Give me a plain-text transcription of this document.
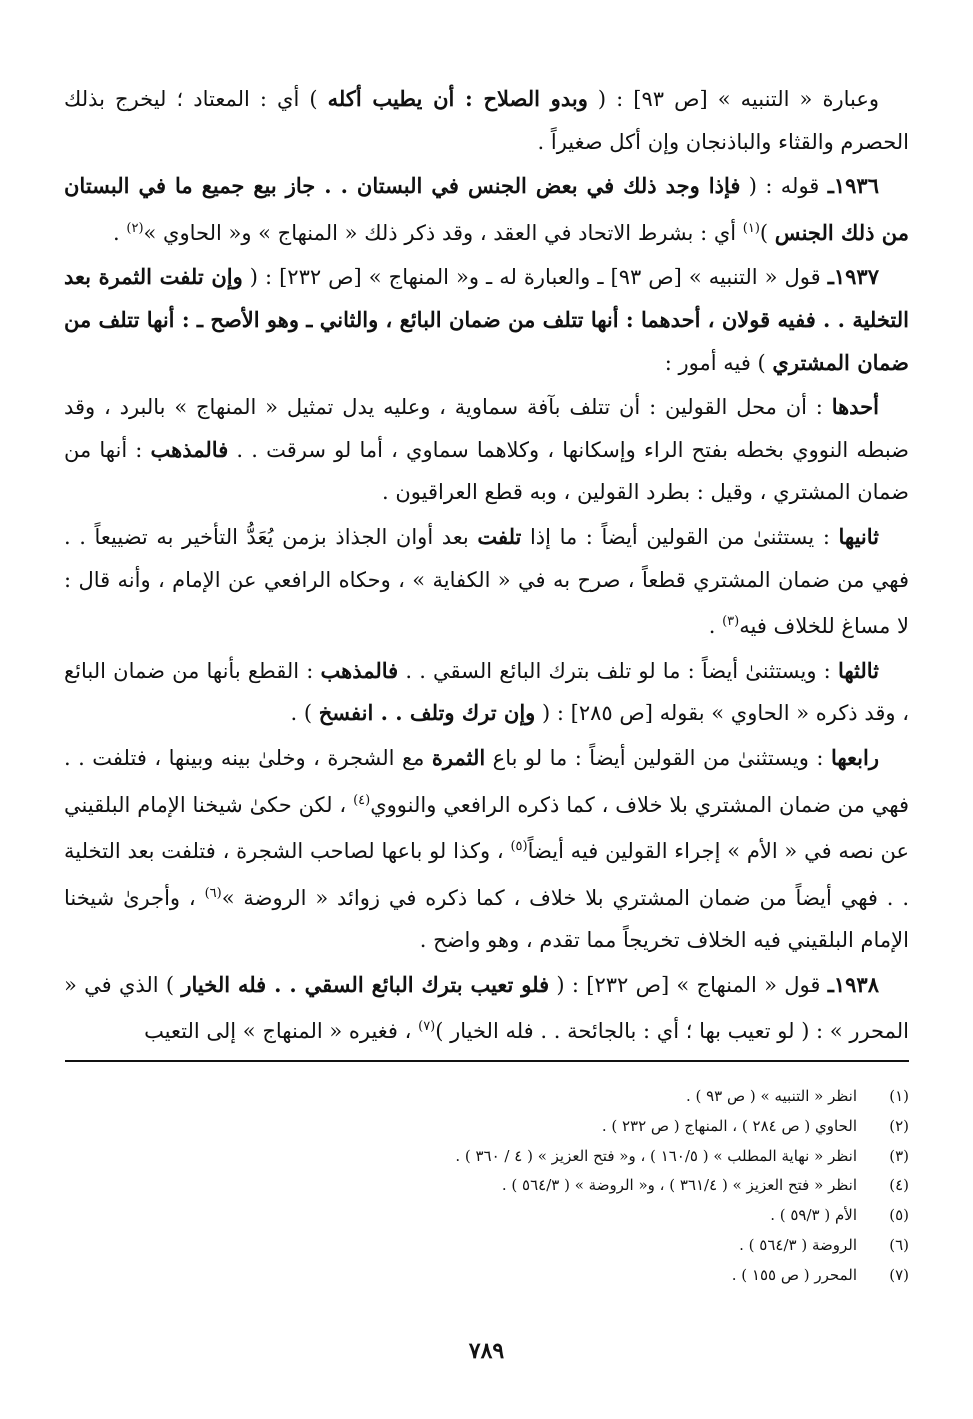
وعبارة « التنبيه » [ص ٩٣] : ( وبدو الصلاح : أن يطيب أكله ) أي : المعتاد ؛ ليخرج بذلك الحصرم والقثاء والباذنجان وإن أكل صغيراً .

١٩٣٦ـ قوله : ( فإذا وجد ذلك في بعض الجنس في البستان . . جاز بيع جميع ما في البستان من ذلك الجنس )$^{(١)}$ أي : بشرط الاتحاد في العقد ، وقد ذكر ذلك « المنهاج » و« الحاوي »$^{(٢)}$ .

١٩٣٧ـ قول « التنبيه » [ص ٩٣] ـ والعبارة له ـ و« المنهاج » [ص ٢٣٢] : ( وإن تلفت الثمرة بعد التخلية . . ففيه قولان ، أحدهما : أنها تتلف من ضمان البائع ، والثاني ـ وهو الأصح ـ : أنها تتلف من ضمان المشتري ) فيه أمور :

أحدها : أن محل القولين : أن تتلف بآفة سماوية ، وعليه يدل تمثيل « المنهاج » بالبرد ، وقد ضبطه النووي بخطه بفتح الراء وإسكانها ، وكلاهما سماوي ، أما لو سرقت . . فالمذهب : أنها من ضمان المشتري ، وقيل : بطرد القولين ، وبه قطع العراقيون .

ثانيها : يستثنىٰ من القولين أيضاً : ما إذا تلفت بعد أوان الجذاذ بزمن يُعَدُّ التأخير به تضييعاً . . فهي من ضمان المشتري قطعاً ، صرح به في « الكفاية » ، وحكاه الرافعي عن الإمام ، وأنه قال : لا مساغ للخلاف فيه$^{(٣)}$ .

ثالثها : ويستثنىٰ أيضاً : ما لو تلف بترك البائع السقي . . فالمذهب : القطع بأنها من ضمان البائع ، وقد ذكره « الحاوي » بقوله [ص ٢٨٥] : ( وإن ترك وتلف . . انفسخ ) .

رابعها : ويستثنىٰ من القولين أيضاً : ما لو باع الثمرة مع الشجرة ، وخلىٰ بينه وبينها ، فتلفت . . فهي من ضمان المشتري بلا خلاف ، كما ذكره الرافعي والنووي$^{(٤)}$ ، لكن حكىٰ شيخنا الإمام البلقيني عن نصه في « الأم » إجراء القولين فيه أيضاً$^{(٥)}$ ، وكذا لو باعها لصاحب الشجرة ، فتلفت بعد التخلية . . فهي أيضاً من ضمان المشتري بلا خلاف ، كما ذكره في زوائد « الروضة »$^{(٦)}$ ، وأجرىٰ شيخنا الإمام البلقيني فيه الخلاف تخريجاً مما تقدم ، وهو واضح .

١٩٣٨ـ قول « المنهاج » [ص ٢٣٢] : ( فلو تعيب بترك البائع السقي . . فله الخيار ) الذي في « المحرر » : ( لو تعيب بها ؛ أي : بالجائحة . . فله الخيار )$^{(٧)}$ ، فغيره « المنهاج » إلى التعيب

(١)
انظر « التنبيه » ( ص ٩٣ ) .
(٢)
الحاوي ( ص ٢٨٤ ) ، المنهاج ( ص ٢٣٢ ) .
(٣)
انظر « نهاية المطلب » ( ١٦٠/٥ ) ، و« فتح العزيز » ( ٤ / ٣٦٠ ) .
(٤)
انظر « فتح العزيز » ( ٣٦١/٤ ) ، و« الروضة » ( ٥٦٤/٣ ) .
(٥)
الأم ( ٥٩/٣ ) .
(٦)
الروضة ( ٥٦٤/٣ ) .
(٧)
المحرر ( ص ١٥٥ ) .
٧٨٩
